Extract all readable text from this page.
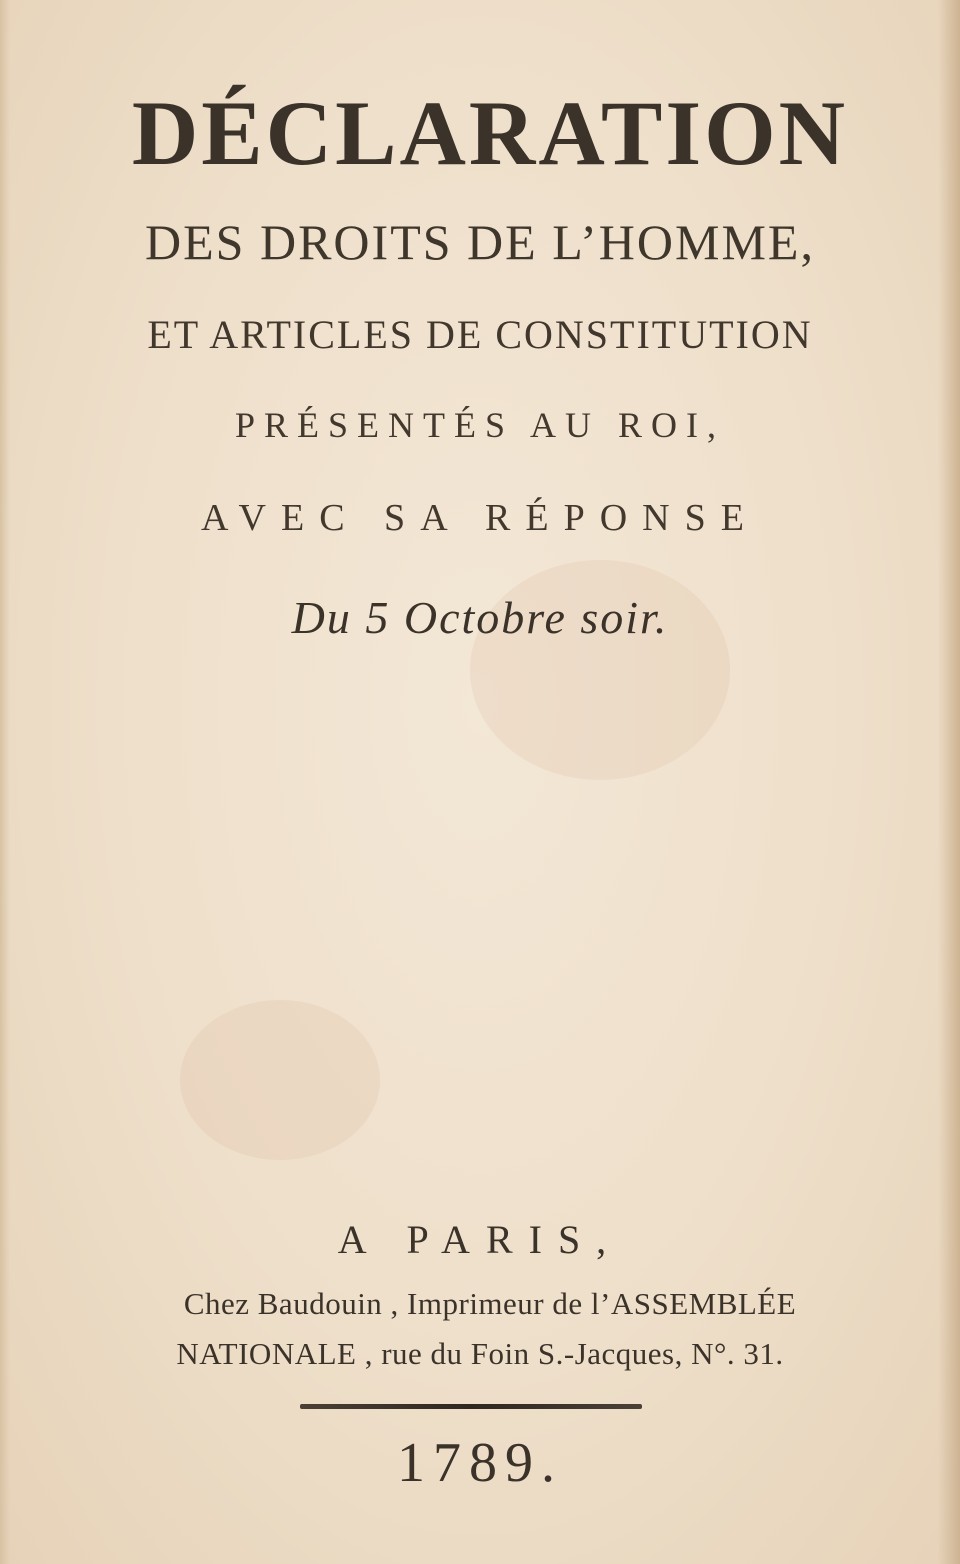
DÉCLARATION

DES DROITS DE L’HOMME,

ET ARTICLES DE CONSTITUTION

PRÉSENTÉS AU ROI,

AVEC SA RÉPONSE

Du 5 Octobre soir.

A PARIS,

Chez Baudouin , Imprimeur de l’ASSEMBLÉE

NATIONALE , rue du Foin S.-Jacques, N°. 31.

1789.
